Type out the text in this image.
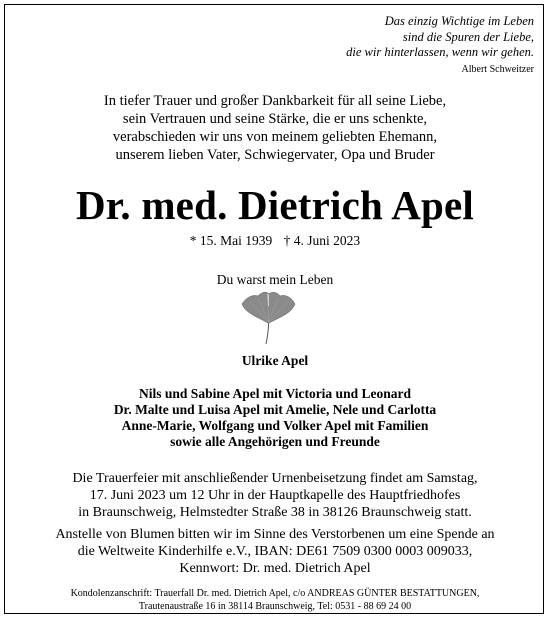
Das einzig Wichtige im Leben
sind die Spuren der Liebe,
die wir hinterlassen, wenn wir gehen.
Albert Schweitzer
In tiefer Trauer und großer Dankbarkeit für all seine Liebe,
sein Vertrauen und seine Stärke, die er uns schenkte,
verabschieden wir uns von meinem geliebten Ehemann,
unserem lieben Vater, Schwiegervater, Opa und Bruder
Dr. med. Dietrich Apel
* 15. Mai 1939 † 4. Juni 2023
Du warst mein Leben
Ulrike Apel
Nils und Sabine Apel mit Victoria und Leonard
Dr. Malte und Luisa Apel mit Amelie, Nele und Carlotta
Anne-Marie, Wolfgang und Volker Apel mit Familien
sowie alle Angehörigen und Freunde
Die Trauerfeier mit anschließender Urnenbeisetzung findet am Samstag,
17. Juni 2023 um 12 Uhr in der Hauptkapelle des Hauptfriedhofes
in Braunschweig, Helmstedter Straße 38 in 38126 Braunschweig statt.
Anstelle von Blumen bitten wir im Sinne des Verstorbenen um eine Spende an
die Weltweite Kinderhilfe e.V., IBAN: DE61 7509 0300 0003 009033,
Kennwort: Dr. med. Dietrich Apel
Kondolenzanschrift: Trauerfall Dr. med. Dietrich Apel, c/o ANDREAS GÜNTER BESTATTUNGEN,
Trautenaustraße 16 in 38114 Braunschweig, Tel: 0531 - 88 69 24 00
